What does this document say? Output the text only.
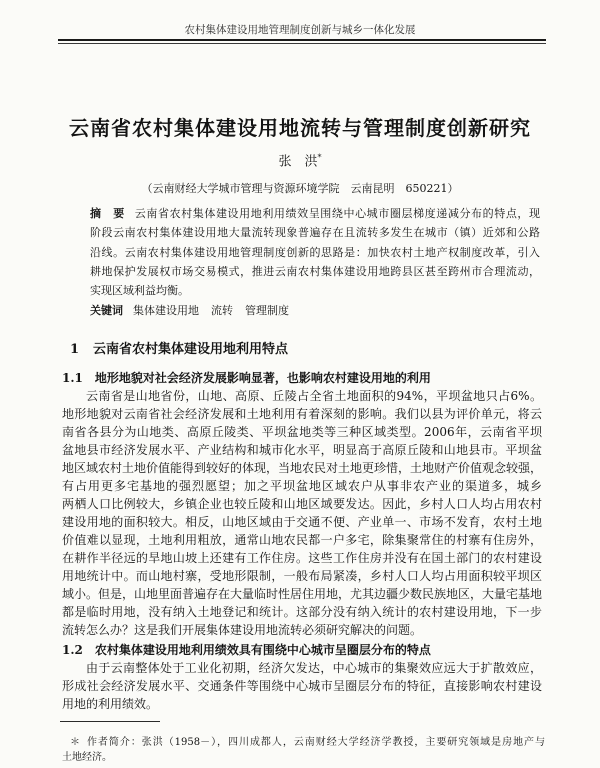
农村集体建设用地管理制度创新与城乡一体化发展
云南省农村集体建设用地流转与管理制度创新研究
张　洪*
（云南财经大学城市管理与资源环境学院　云南昆明　650221）
摘　要 云南省农村集体建设用地利用绩效呈围绕中心城市圈层梯度递减分布的特点，现
阶段云南农村集体建设用地大量流转现象普遍存在且流转多发生在城市（镇）近郊和公路
沿线。云南农村集体建设用地管理制度创新的思路是：加快农村土地产权制度改革，引入
耕地保护发展权市场交易模式，推进云南农村集体建设用地跨县区甚至跨州市合理流动，
实现区域利益均衡。
关键词 集体建设用地 流转 管理制度
1 云南省农村集体建设用地利用特点
1.1 地形地貌对社会经济发展影响显著，也影响农村建设用地的利用
云南省是山地省份，山地、高原、丘陵占全省土地面积的94%，平坝盆地只占6%。
地形地貌对云南省社会经济发展和土地利用有着深刻的影响。我们以县为评价单元，将云
南省各县分为山地类、高原丘陵类、平坝盆地类等三种区域类型。2006年，云南省平坝
盆地县市经济发展水平、产业结构和城市化水平，明显高于高原丘陵和山地县市。平坝盆
地区域农村土地价值能得到较好的体现，当地农民对土地更珍惜，土地财产价值观念较强，
有占用更多宅基地的强烈愿望；加之平坝盆地区域农户从事非农产业的渠道多，城乡
两栖人口比例较大，乡镇企业也较丘陵和山地区域要发达。因此，乡村人口人均占用农村
建设用地的面积较大。相反，山地区域由于交通不便、产业单一、市场不发育，农村土地
价值难以显现，土地利用粗放，通常山地农民都一户多宅，除集聚常住的村寨有住房外，
在耕作半径远的旱地山坡上还建有工作住房。这些工作住房并没有在国土部门的农村建设
用地统计中。而山地村寨，受地形限制，一般布局紧凑，乡村人口人均占用面积较平坝区
域小。但是，山地里面普遍存在大量临时性居住用地，尤其边疆少数民族地区，大量宅基地
都是临时用地，没有纳入土地登记和统计。这部分没有纳入统计的农村建设用地，下一步
流转怎么办？这是我们开展集体建设用地流转必须研究解决的问题。
1.2 农村集体建设用地利用绩效具有围绕中心城市呈圈层分布的特点
由于云南整体处于工业化初期，经济欠发达，中心城市的集聚效应远大于扩散效应，
形成社会经济发展水平、交通条件等围绕中心城市呈圈层分布的特征，直接影响农村建设
用地的利用绩效。
＊ 作者简介：张洪（1958－），四川成都人，云南财经大学经济学教授，主要研究领域是房地产与
土地经济。
